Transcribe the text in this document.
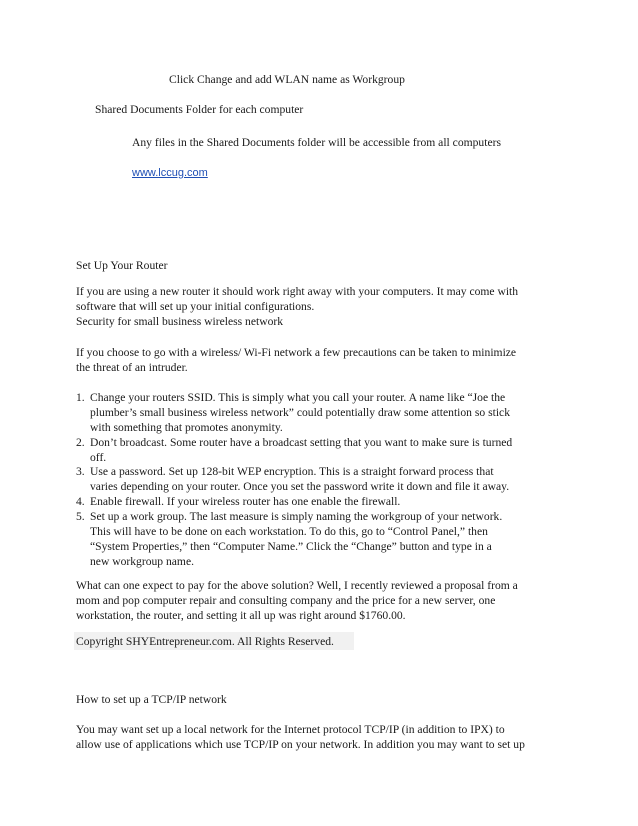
Click Change and add WLAN name as Workgroup
Shared Documents Folder for each computer
Any files in the Shared Documents folder will be accessible from all computers
www.lccug.com
Set Up Your Router
If you are using a new router it should work right away with your computers. It may come with
software that will set up your initial configurations.
Security for small business wireless network
If you choose to go with a wireless/ Wi-Fi network a few precautions can be taken to minimize
the threat of an intruder.
1. Change your routers SSID. This is simply what you call your router. A name like “Joe the
plumber’s small business wireless network” could potentially draw some attention so stick
with something that promotes anonymity.
2. Don’t broadcast. Some router have a broadcast setting that you want to make sure is turned
off.
3. Use a password. Set up 128-bit WEP encryption. This is a straight forward process that
varies depending on your router. Once you set the password write it down and file it away.
4. Enable firewall. If your wireless router has one enable the firewall.
5. Set up a work group. The last measure is simply naming the workgroup of your network.
This will have to be done on each workstation. To do this, go to “Control Panel,” then
“System Properties,” then “Computer Name.” Click the “Change” button and type in a
new workgroup name.
What can one expect to pay for the above solution? Well, I recently reviewed a proposal from a
mom and pop computer repair and consulting company and the price for a new server, one
workstation, the router, and setting it all up was right around $1760.00.
Copyright SHYEntrepreneur.com. All Rights Reserved.
How to set up a TCP/IP network
You may want set up a local network for the Internet protocol TCP/IP (in addition to IPX) to
allow use of applications which use TCP/IP on your network. In addition you may want to set up
